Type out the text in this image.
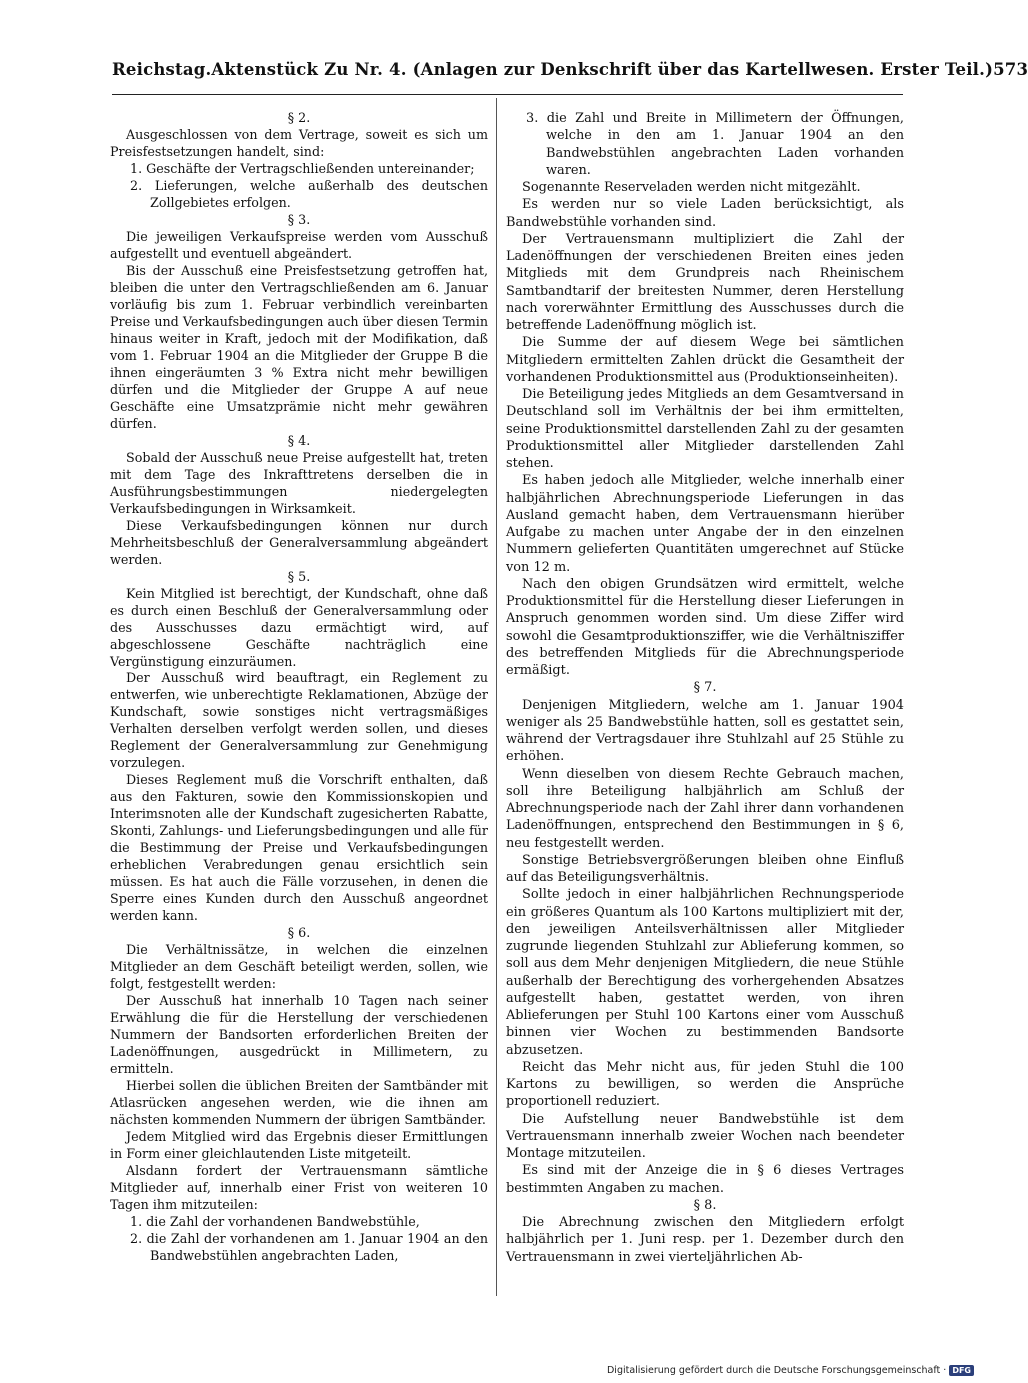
Reichstag. Aktenstück Zu Nr. 4. (Anlagen zur Denkschrift über das Kartellwesen. Erster Teil.) 573

§ 2.

Ausgeschlossen von dem Vertrage, soweit es sich um Preisfestsetzungen handelt, sind:

1. Geschäfte der Vertragschließenden untereinander;

2. Lieferungen, welche außerhalb des deutschen Zollgebietes erfolgen.

§ 3.

Die jeweiligen Verkaufspreise werden vom Ausschuß aufgestellt und eventuell abgeändert.

Bis der Ausschuß eine Preisfestsetzung getroffen hat, bleiben die unter den Vertragschließenden am 6. Januar vorläufig bis zum 1. Februar verbindlich vereinbarten Preise und Verkaufsbedingungen auch über diesen Termin hinaus weiter in Kraft, jedoch mit der Modifikation, daß vom 1. Februar 1904 an die Mitglieder der Gruppe B die ihnen eingeräumten 3 % Extra nicht mehr bewilligen dürfen und die Mitglieder der Gruppe A auf neue Geschäfte eine Umsatzprämie nicht mehr gewähren dürfen.

§ 4.

Sobald der Ausschuß neue Preise aufgestellt hat, treten mit dem Tage des Inkrafttretens derselben die in Ausführungsbestimmungen niedergelegten Verkaufsbedingungen in Wirksamkeit.

Diese Verkaufsbedingungen können nur durch Mehrheitsbeschluß der Generalversammlung abgeändert werden.

§ 5.

Kein Mitglied ist berechtigt, der Kundschaft, ohne daß es durch einen Beschluß der Generalversammlung oder des Ausschusses dazu ermächtigt wird, auf abgeschlossene Geschäfte nachträglich eine Vergünstigung einzuräumen.

Der Ausschuß wird beauftragt, ein Reglement zu entwerfen, wie unberechtigte Reklamationen, Abzüge der Kundschaft, sowie sonstiges nicht vertragsmäßiges Verhalten derselben verfolgt werden sollen, und dieses Reglement der Generalversammlung zur Genehmigung vorzulegen.

Dieses Reglement muß die Vorschrift enthalten, daß aus den Fakturen, sowie den Kommissionskopien und Interimsnoten alle der Kundschaft zugesicherten Rabatte, Skonti, Zahlungs- und Lieferungsbedingungen und alle für die Bestimmung der Preise und Verkaufsbedingungen erheblichen Verabredungen genau ersichtlich sein müssen. Es hat auch die Fälle vorzusehen, in denen die Sperre eines Kunden durch den Ausschuß angeordnet werden kann.

§ 6.

Die Verhältnissätze, in welchen die einzelnen Mitglieder an dem Geschäft beteiligt werden, sollen, wie folgt, festgestellt werden:

Der Ausschuß hat innerhalb 10 Tagen nach seiner Erwählung die für die Herstellung der verschiedenen Nummern der Bandsorten erforderlichen Breiten der Ladenöffnungen, ausgedrückt in Millimetern, zu ermitteln.

Hierbei sollen die üblichen Breiten der Samtbänder mit Atlasrücken angesehen werden, wie die ihnen am nächsten kommenden Nummern der übrigen Samtbänder.

Jedem Mitglied wird das Ergebnis dieser Ermittlungen in Form einer gleichlautenden Liste mitgeteilt.

Alsdann fordert der Vertrauensmann sämtliche Mitglieder auf, innerhalb einer Frist von weiteren 10 Tagen ihm mitzuteilen:

1. die Zahl der vorhandenen Bandwebstühle,

2. die Zahl der vorhandenen am 1. Januar 1904 an den Bandwebstühlen angebrachten Laden,

3. die Zahl und Breite in Millimetern der Öffnungen, welche in den am 1. Januar 1904 an den Bandwebstühlen angebrachten Laden vorhanden waren.

Sogenannte Reserveladen werden nicht mitgezählt.

Es werden nur so viele Laden berücksichtigt, als Bandwebstühle vorhanden sind.

Der Vertrauensmann multipliziert die Zahl der Ladenöffnungen der verschiedenen Breiten eines jeden Mitglieds mit dem Grundpreis nach Rheinischem Samtbandtarif der breitesten Nummer, deren Herstellung nach vorerwähnter Ermittlung des Ausschusses durch die betreffende Ladenöffnung möglich ist.

Die Summe der auf diesem Wege bei sämtlichen Mitgliedern ermittelten Zahlen drückt die Gesamtheit der vorhandenen Produktionsmittel aus (Produktionseinheiten).

Die Beteiligung jedes Mitglieds an dem Gesamtversand in Deutschland soll im Verhältnis der bei ihm ermittelten, seine Produktionsmittel darstellenden Zahl zu der gesamten Produktionsmittel aller Mitglieder darstellenden Zahl stehen.

Es haben jedoch alle Mitglieder, welche innerhalb einer halbjährlichen Abrechnungsperiode Lieferungen in das Ausland gemacht haben, dem Vertrauensmann hierüber Aufgabe zu machen unter Angabe der in den einzelnen Nummern gelieferten Quantitäten umgerechnet auf Stücke von 12 m.

Nach den obigen Grundsätzen wird ermittelt, welche Produktionsmittel für die Herstellung dieser Lieferungen in Anspruch genommen worden sind. Um diese Ziffer wird sowohl die Gesamtproduktionsziffer, wie die Verhältnisziffer des betreffenden Mitglieds für die Abrechnungsperiode ermäßigt.

§ 7.

Denjenigen Mitgliedern, welche am 1. Januar 1904 weniger als 25 Bandwebstühle hatten, soll es gestattet sein, während der Vertragsdauer ihre Stuhlzahl auf 25 Stühle zu erhöhen.

Wenn dieselben von diesem Rechte Gebrauch machen, soll ihre Beteiligung halbjährlich am Schluß der Abrechnungsperiode nach der Zahl ihrer dann vorhandenen Ladenöffnungen, entsprechend den Bestimmungen in § 6, neu festgestellt werden.

Sonstige Betriebsvergrößerungen bleiben ohne Einfluß auf das Beteiligungsverhältnis.

Sollte jedoch in einer halbjährlichen Rechnungsperiode ein größeres Quantum als 100 Kartons multipliziert mit der, den jeweiligen Anteilsverhältnissen aller Mitglieder zugrunde liegenden Stuhlzahl zur Ablieferung kommen, so soll aus dem Mehr denjenigen Mitgliedern, die neue Stühle außerhalb der Berechtigung des vorhergehenden Absatzes aufgestellt haben, gestattet werden, von ihren Ablieferungen per Stuhl 100 Kartons einer vom Ausschuß binnen vier Wochen zu bestimmenden Bandsorte abzusetzen.

Reicht das Mehr nicht aus, für jeden Stuhl die 100 Kartons zu bewilligen, so werden die Ansprüche proportionell reduziert.

Die Aufstellung neuer Bandwebstühle ist dem Vertrauensmann innerhalb zweier Wochen nach beendeter Montage mitzuteilen.

Es sind mit der Anzeige die in § 6 dieses Vertrages bestimmten Angaben zu machen.

§ 8.

Die Abrechnung zwischen den Mitgliedern erfolgt halbjährlich per 1. Juni resp. per 1. Dezember durch den Vertrauensmann in zwei vierteljährlichen Ab-

Digitalisierung gefördert durch die Deutsche Forschungsgemeinschaft · DFG
